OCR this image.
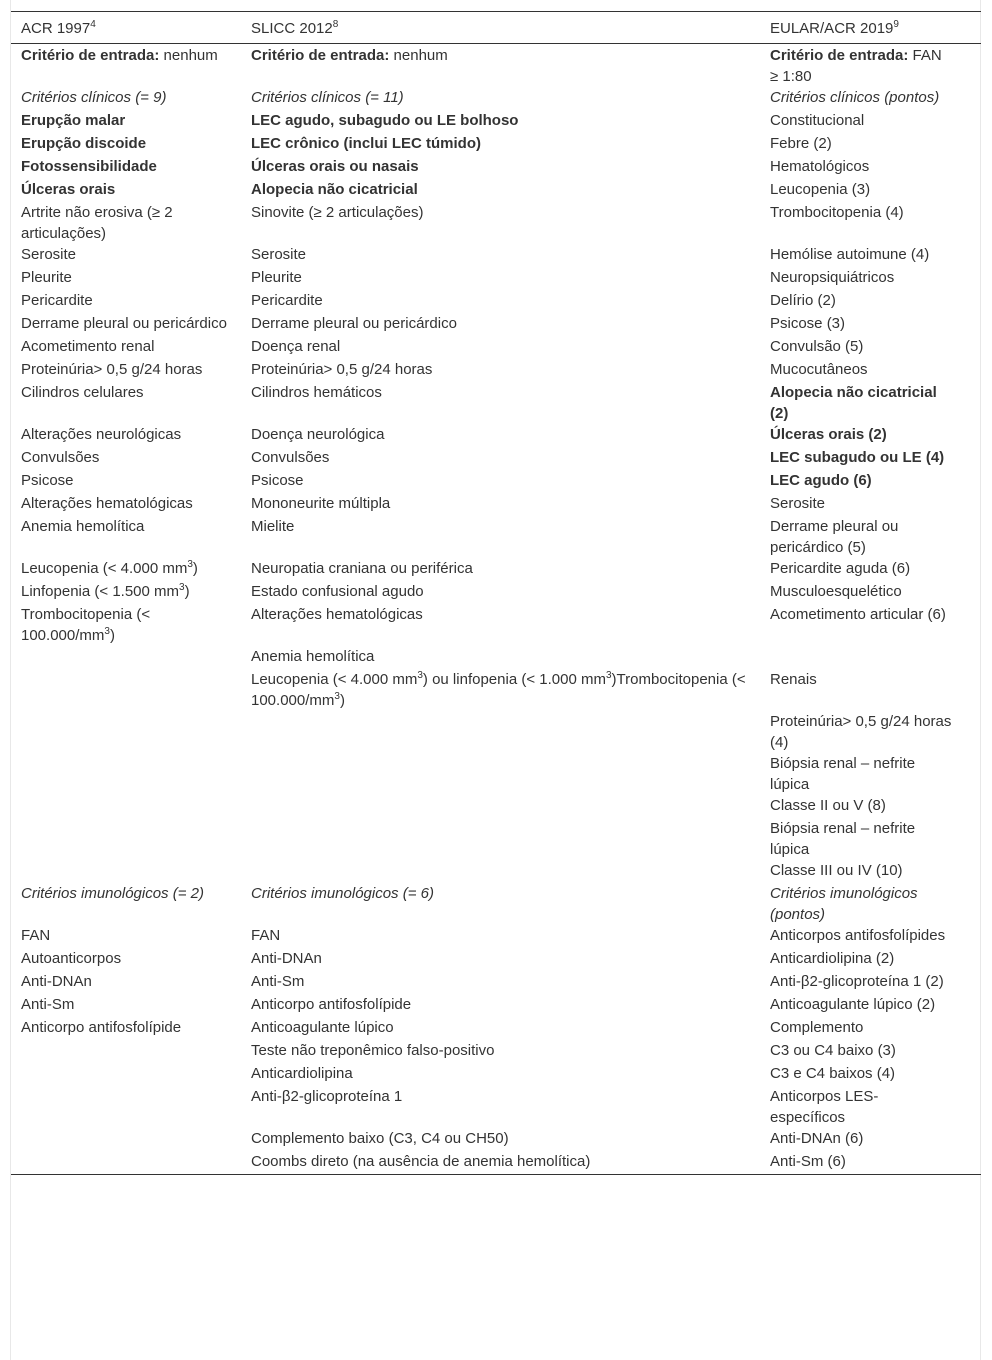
ACR 1997$^4$	SLICC 2012$^8$	EULAR/ACR 2019$^9$
Critério de entrada: nenhum	Critério de entrada: nenhum	Critério de entrada: FAN ≥ 1:80
Critérios clínicos (= 9)	Critérios clínicos (= 11)	Critérios clínicos (pontos)
Erupção malar	LEC agudo, subagudo ou LE bolhoso	Constitucional
Erupção discoide	LEC crônico (inclui LEC túmido)	Febre (2)
Fotossensibilidade	Úlceras orais ou nasais	Hematológicos
Úlceras orais	Alopecia não cicatricial	Leucopenia (3)
Artrite não erosiva (≥ 2 articulações)	Sinovite (≥ 2 articulações)	Trombocitopenia (4)
Serosite	Serosite	Hemólise autoimune (4)
Pleurite	Pleurite	Neuropsiquiátricos
Pericardite	Pericardite	Delírio (2)
Derrame pleural ou pericárdico	Derrame pleural ou pericárdico	Psicose (3)
Acometimento renal	Doença renal	Convulsão (5)
Proteinúria> 0,5 g/24 horas	Proteinúria> 0,5 g/24 horas	Mucocutâneos
Cilindros celulares	Cilindros hemáticos	Alopecia não cicatricial (2)
Alterações neurológicas	Doença neurológica	Úlceras orais (2)
Convulsões	Convulsões	LEC subagudo ou LE (4)
Psicose	Psicose	LEC agudo (6)
Alterações hematológicas	Mononeurite múltipla	Serosite
Anemia hemolítica	Mielite	Derrame pleural ou pericárdico (5)
Leucopenia (< 4.000 $mm^3$)	Neuropatia craniana ou periférica	Pericardite aguda (6)
Linfopenia (< 1.500 $mm^3$)	Estado confusional agudo	Musculoesquelético
Trombocitopenia (< $100.000/mm^3$)	Alterações hematológicas	Acometimento articular (6)
	Anemia hemolítica	
	Leucopenia (< 4.000 $mm^3$) ou linfopenia (< 1.000 $mm^3)Trombocitopenia$ (< $100.000/mm^3$)	Renais
		Proteinúria> 0,5 g/24 horas (4)
		Biópsia renal – nefrite lúpica
		Classe II ou V (8)
		Biópsia renal – nefrite lúpica
		Classe III ou IV (10)
Critérios imunológicos (= 2)	Critérios imunológicos (= 6)	Critérios imunológicos (pontos)
FAN	FAN	Anticorpos antifosfolípides
Autoanticorpos	Anti-DNAn	Anticardiolipina (2)
Anti-DNAn	Anti-Sm	Anti-β2-glicoproteína 1 (2)
Anti-Sm	Anticorpo antifosfolípide	Anticoagulante lúpico (2)
Anticorpo antifosfolípide	Anticoagulante lúpico	Complemento
	Teste não treponêmico falso-positivo	C3 ou C4 baixo (3)
	Anticardiolipina	C3 e C4 baixos (4)
	Anti-β2-glicoproteína 1	Anticorpos LES-específicos
	Complemento baixo (C3, C4 ou CH50)	Anti-DNAn (6)
	Coombs direto (na ausência de anemia hemolítica)	Anti-Sm (6)
